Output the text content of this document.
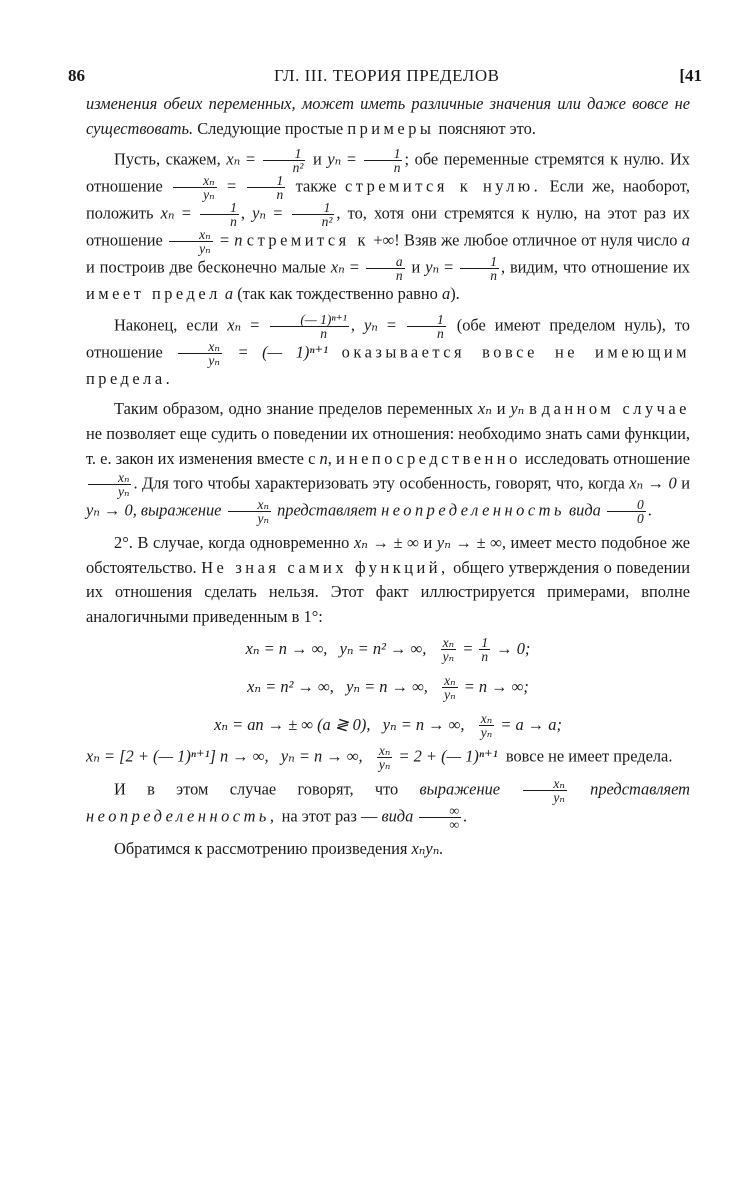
86	ГЛ. III. ТЕОРИЯ ПРЕДЕЛОВ	[41

изменения обеих переменных, может иметь различные значения или даже вовсе не существовать. Следующие простые примеры поясняют это.

Пусть, скажем, $x_n = \frac{1}{\text{n²}}$ и $y_n = \frac{1}{n}$ ; обе переменные стремятся к нулю. Их отношение $\frac{\text{xₙ}}{\text{yₙ}} = \frac{1}{n}$ также стремится к нулю. Если же, наоборот, положить $x_n = \frac{1}{n}$ , $y_n = \frac{1}{\text{n²}}$ , то, хотя они стремятся к нулю, на этот раз их отношение $\frac{\text{xₙ}}{\text{yₙ}} = n$ стремится к +∞! Взяв же любое отличное от нуля число a и построив две бесконечно малые $x_n = \frac{a}{n}$ и $y_n = \frac{1}{n}$ , видим, что отношение их имеет предел a (так как тождественно равно a).

Наконец, если $x_n = \frac{\text{(— 1)ⁿ⁺¹}}{n}$ , $y_n = \frac{1}{n} (обе$ имеют пределом нуль), то отношение $\frac{\text{xₙ}}{\text{yₙ}}$ = (— 1)ⁿ⁺¹ оказывается вовсе не имеющим предела.

Таким образом, одно знание пределов переменных xₙ и yₙ в данном случае не позволяет еще судить о поведении их отношения: необходимо знать сами функции, т. е. закон их изменения вместе с n, и непосредственно исследовать отношение
$\frac{\text{xₙ}}{\text{yₙ}}$ . Для того чтобы характеризовать эту особенность, говорят, что, когда xₙ → 0 и yₙ → 0, выражение $\frac{\text{xₙ}}{\text{yₙ}}$ представляет неопределенность вида $\frac{0}{0}$ .

2°. В случае, когда одновременно xₙ → ± ∞ и yₙ → ± ∞, имеет место подобное же обстоятельство. Не зная самих функций, общего утверждения о поведении их отношения сделать нельзя. Этот факт иллюстрируется примерами, вполне аналогичными приведенным в 1°:

xₙ = n → ∞, yₙ = n² → ∞, $\frac{\text{xₙ}}{\text{yₙ}} = \frac{1}{n} \to 0$;

xₙ = n² → ∞, yₙ = n → ∞, $\frac{\text{xₙ}}{\text{yₙ}} = n$ → ∞;

xₙ = an → ± ∞ (a ≷ 0), yₙ = n → ∞, $\frac{\text{xₙ}}{\text{yₙ}} = a \to a$;

xₙ = [2 + (— 1)ⁿ⁺¹] n → ∞, yₙ = n → ∞, $\frac{\text{xₙ}}{\text{yₙ}} = 2$ + (— 1)ⁿ⁺¹ вовсе не имеет предела.

И в этом случае говорят, что выражение $\frac{\text{xₙ}}{\text{yₙ}}$ представляет неопределенность, на этот раз — вида	∞
∞ .

Обратимся к рассмотрению произведения xₙyₙ.
